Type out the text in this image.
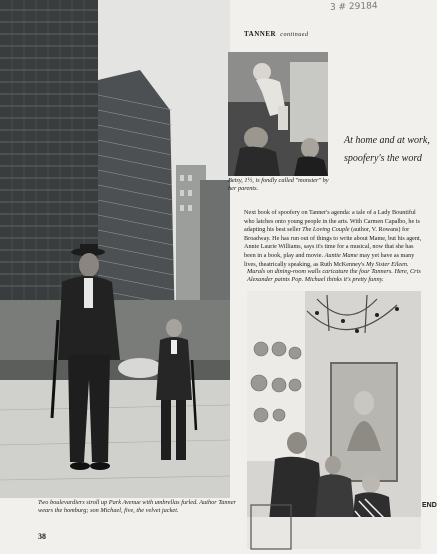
3 # 29184
Two boulevardiers stroll up Park Avenue with umbrellas furled. Author Tanner wears the homburg; son Michael, five, the velvet jacket.
38
TANNER continued
Betsy, 1½, is fondly called "monster" by her parents.
At home and at work, spoofery's the word
Next book of spoofery on Tanner's agenda: a tale of a Lady Bountiful who latches onto young people in the arts. With Carmen Capalbo, he is adapting his best seller The Loving Couple (author, V. Rowans) for Broadway. He has run out of things to write about Mame, but his agent, Annie Laurie Williams, says it's time for a musical, now that she has been in a book, play and movie. Auntie Mame may yet have as many lives, theatrically speaking, as Ruth McKenney's My Sister Eileen.
Murals on dining-room walls caricature the four Tanners. Here, Cris Alexander paints Pop. Michael thinks it's pretty funny.
END
